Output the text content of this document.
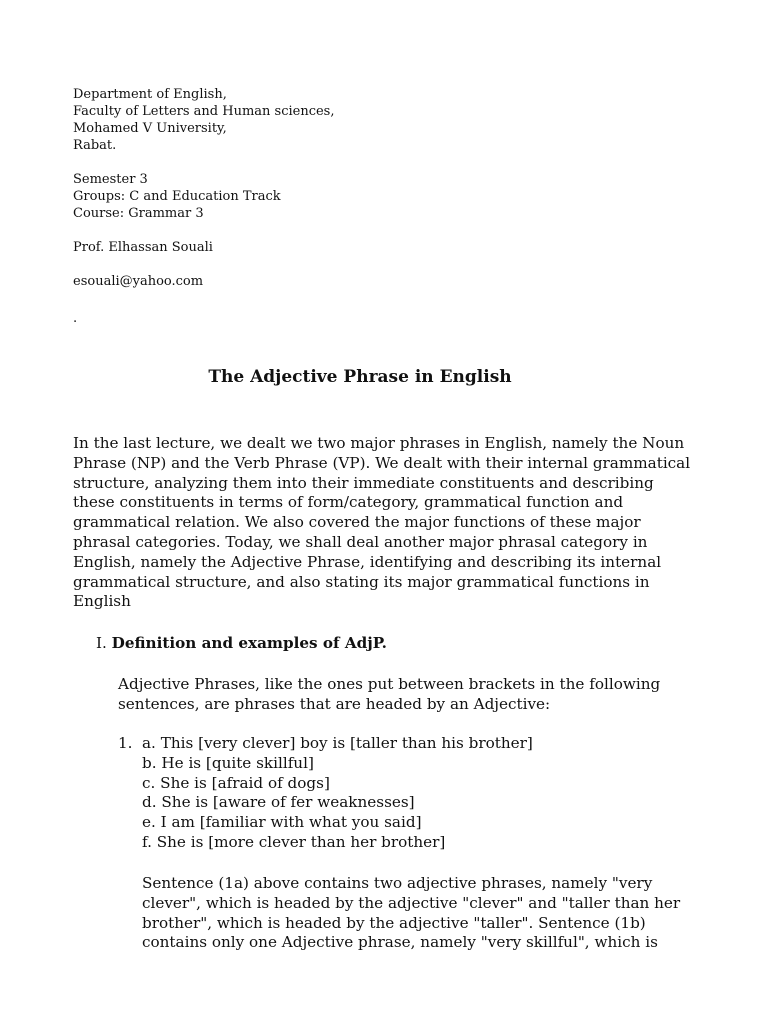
Department of English,
Faculty of Letters and Human sciences,
Mohamed V University,
Rabat.
Semester 3
Groups: C and Education Track
Course: Grammar 3
Prof. Elhassan Souali
esouali@yahoo.com
.
The Adjective Phrase in English
In the last lecture, we dealt we two major phrases in English, namely the Noun Phrase (NP) and the Verb Phrase (VP). We dealt with their internal grammatical structure, analyzing them into their immediate constituents and describing these constituents in terms of form/category, grammatical function and grammatical relation. We also covered the major functions of these major phrasal categories. Today, we shall deal another major phrasal category in English, namely the Adjective Phrase, identifying and describing its internal grammatical structure, and also stating its major grammatical functions in English
I. Definition and examples of AdjP.
Adjective Phrases, like the ones put between brackets in the following sentences, are phrases that are headed by an Adjective:
1. a. This [very clever] boy is [taller than his brother]
b. He is [quite skillful]
c. She is [afraid of dogs]
d. She is [aware of fer weaknesses]
e. I am [familiar with what you said]
f. She is [more clever than her brother]
Sentence (1a) above contains two adjective phrases, namely "very clever", which is headed by the adjective "clever" and "taller than her brother", which is headed by the adjective "taller". Sentence (1b) contains only one Adjective phrase, namely "very skillful", which is
